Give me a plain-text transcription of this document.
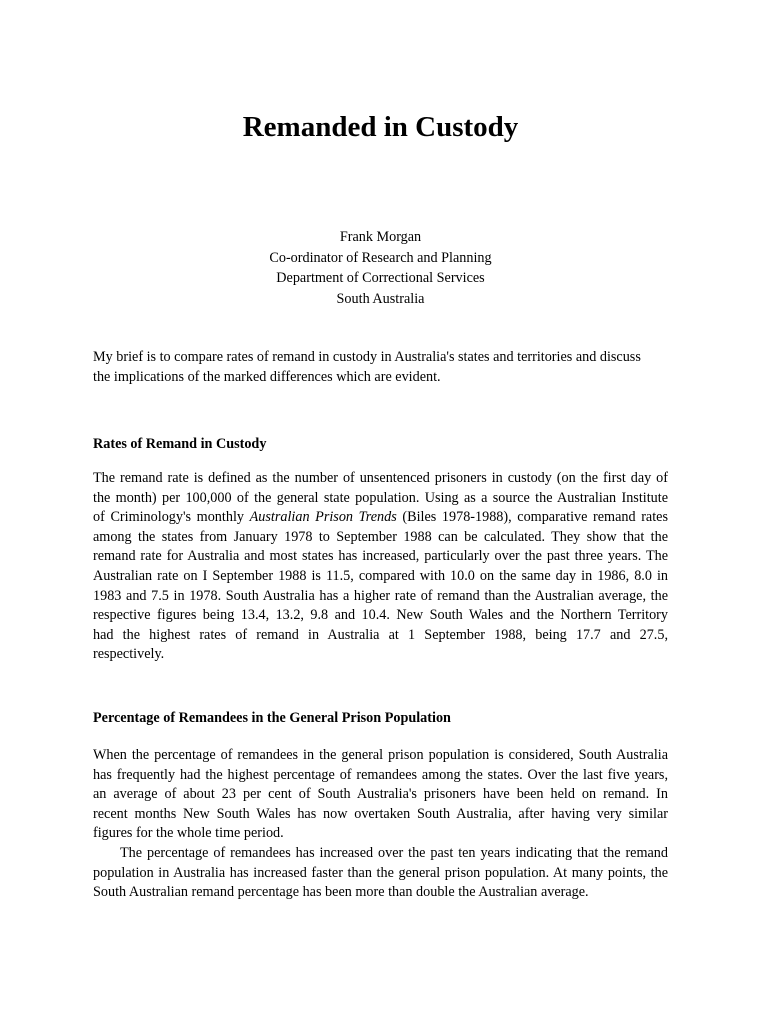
Remanded in Custody
Frank Morgan
Co-ordinator of Research and Planning
Department of Correctional Services
South Australia

My brief is to compare rates of remand in custody in Australia's states and territories and discuss
the implications of the marked differences which are evident.

Rates of Remand in Custody

The remand rate is defined as the number of unsentenced prisoners in custody (on the first day of
the month) per 100,000 of the general state population. Using as a source the Australian Institute
of Criminology's monthly Australian Prison Trends (Biles 1978-1988), comparative remand rates
among the states from January 1978 to September 1988 can be calculated. They show that the
remand rate for Australia and most states has increased, particularly over the past three years. The
Australian rate on I September 1988 is 11.5, compared with 10.0 on the same day in 1986, 8.0 in
1983 and 7.5 in 1978. South Australia has a higher rate of remand than the Australian average, the
respective figures being 13.4, 13.2, 9.8 and 10.4. New South Wales and the Northern Territory
had the highest rates of remand in Australia at 1 September 1988, being 17.7 and 27.5,
respectively.

Percentage of Remandees in the General Prison Population

When the percentage of remandees in the general prison population is considered, South Australia
has frequently had the highest percentage of remandees among the states. Over the last five years,
an average of about 23 per cent of South Australia's prisoners have been held on remand. In
recent months New South Wales has now overtaken South Australia, after having very similar
figures for the whole time period.

The percentage of remandees has increased over the past ten years indicating that the remand
population in Australia has increased faster than the general prison population. At many points, the
South Australian remand percentage has been more than double the Australian average.
